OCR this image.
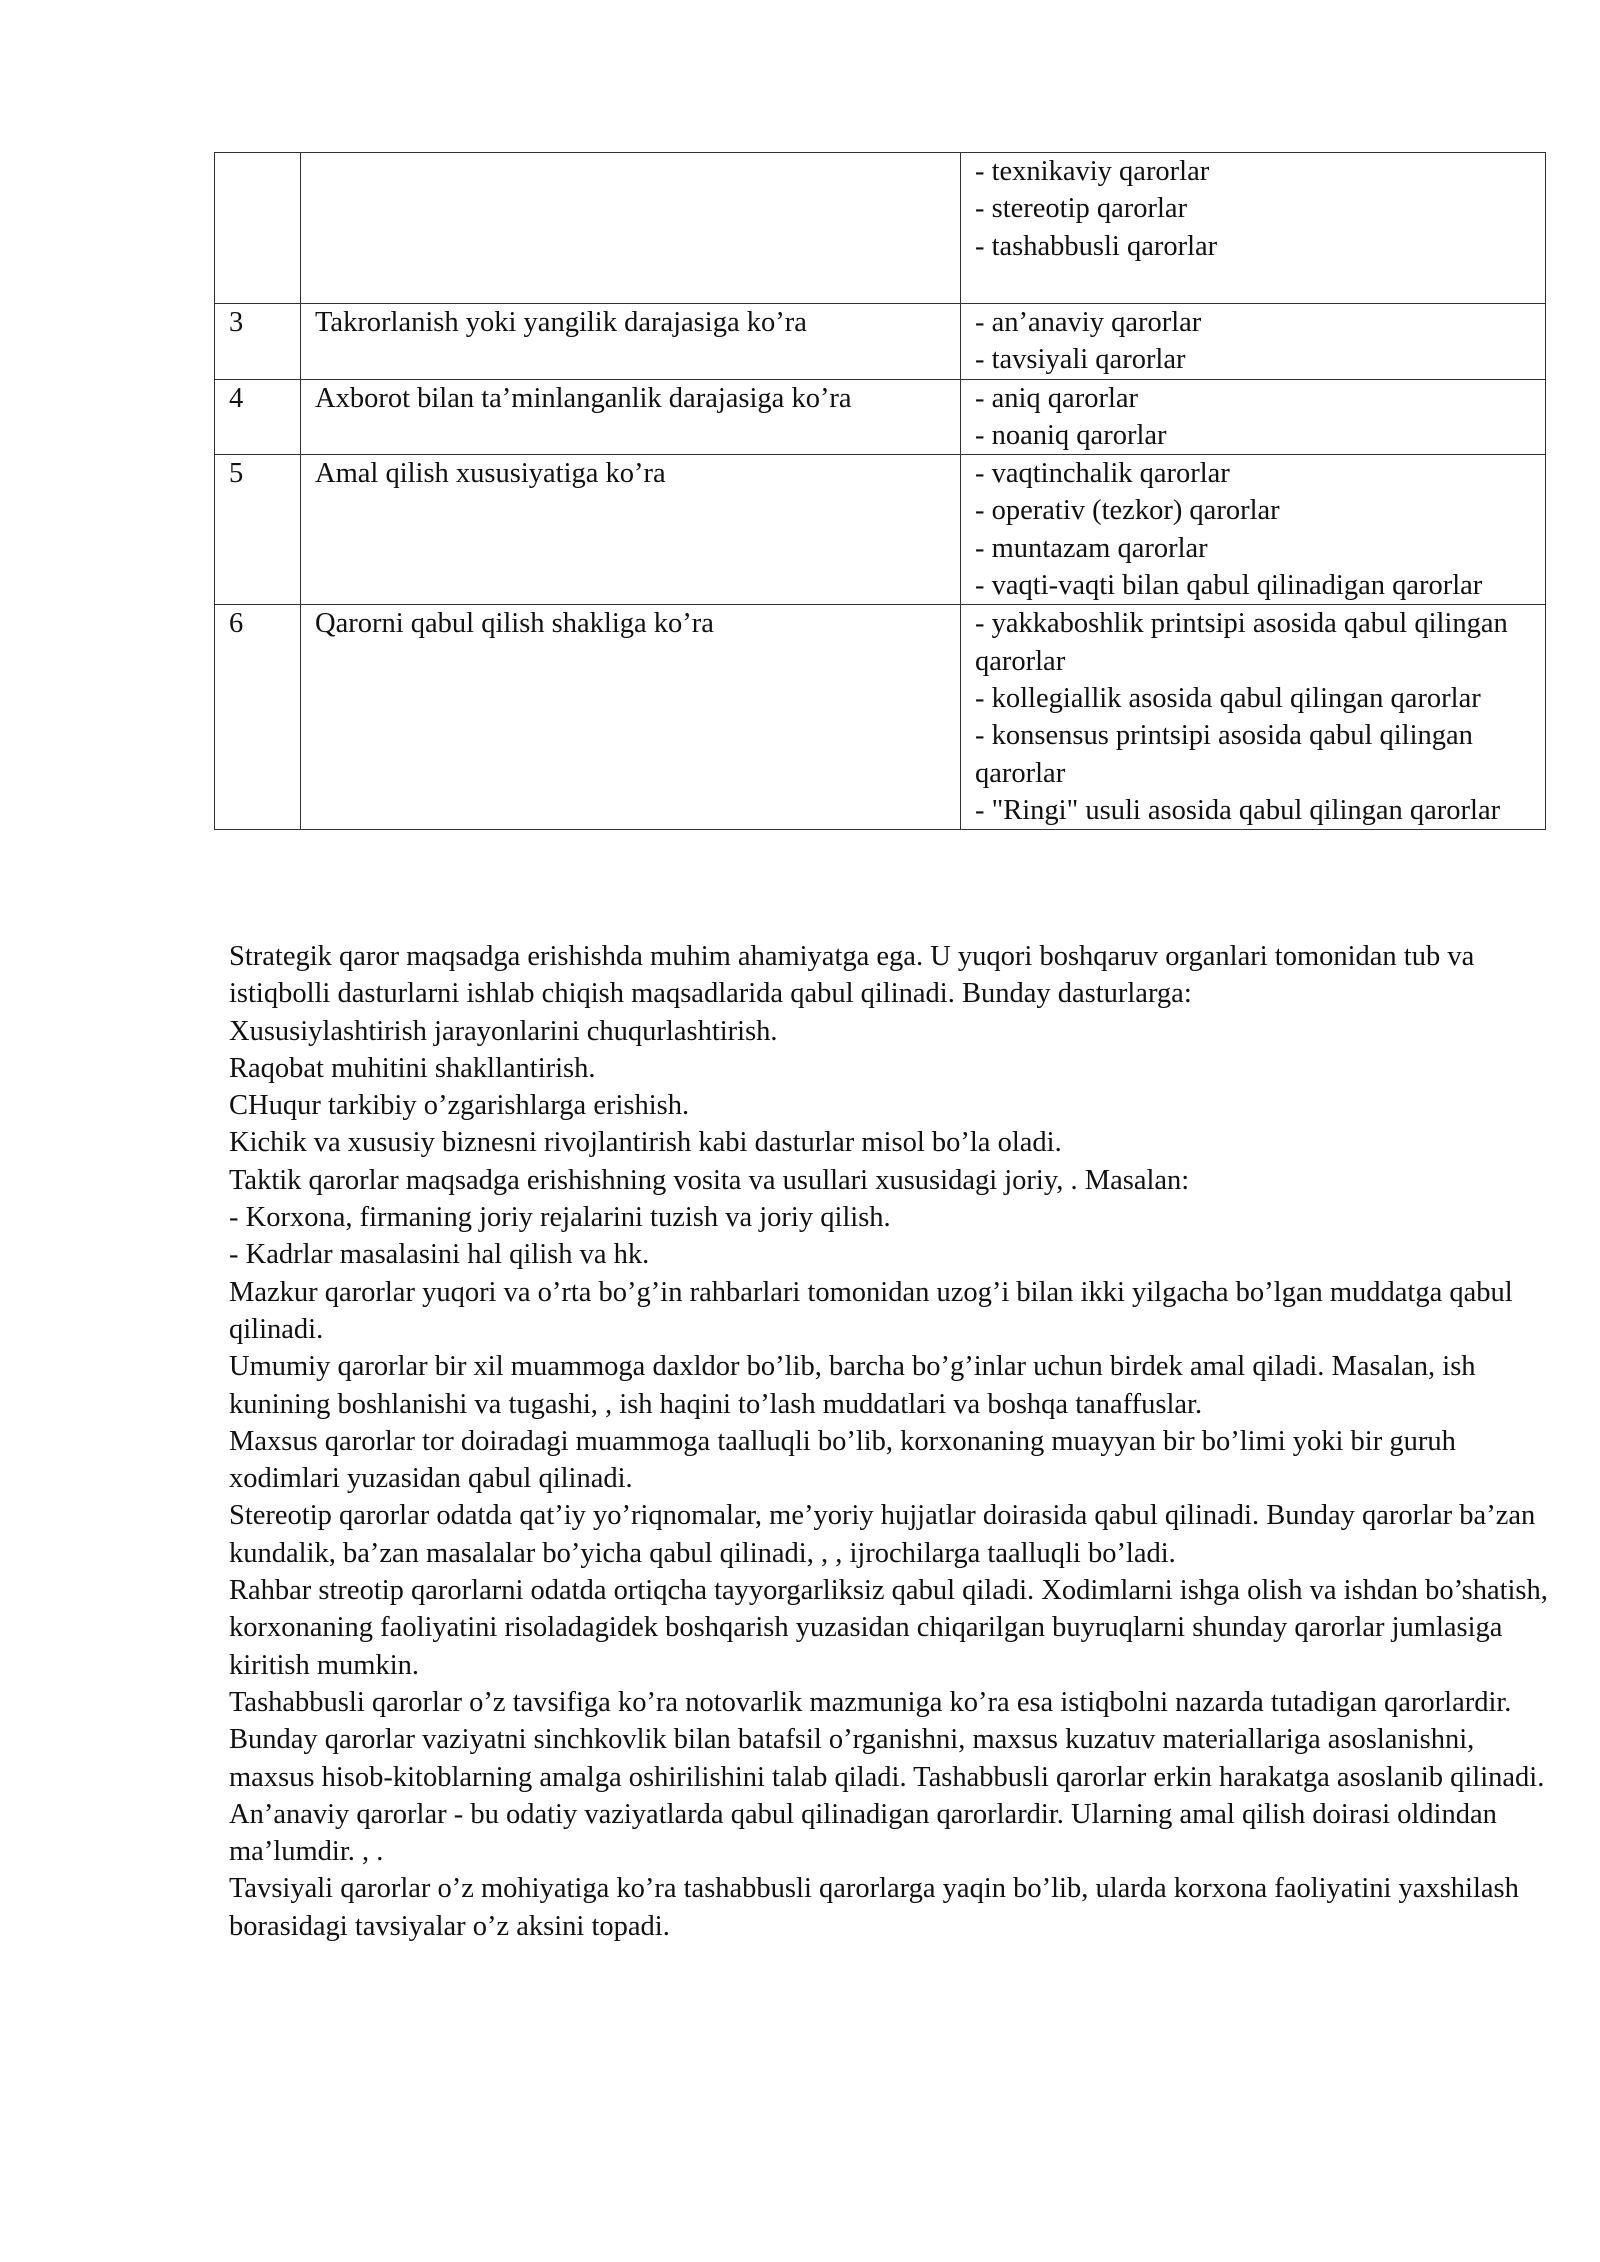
		- texnikaviy qarorlar
- stereotip qarorlar
- tashabbusli qarorlar

3	Takrorlanish yoki yangilik darajasiga ko’ra	- an’anaviy qarorlar
- tavsiyali qarorlar

4	Axborot bilan ta’minlanganlik darajasiga ko’ra	- aniq qarorlar
- noaniq qarorlar

5	Amal qilish xususiyatiga ko’ra	- vaqtinchalik qarorlar
- operativ (tezkor) qarorlar
- muntazam qarorlar
- vaqti-vaqti bilan qabul qilinadigan qarorlar

6	Qarorni qabul qilish shakliga ko’ra	- yakkaboshlik printsipi asosida qabul qilingan qarorlar
- kollegiallik asosida qabul qilingan qarorlar
- konsensus printsipi asosida qabul qilingan qarorlar
- "Ringi" usuli asosida qabul qilingan qarorlar

Strategik qaror maqsadga erishishda muhim ahamiyatga ega. U yuqori boshqaruv organlari tomonidan tub va istiqbolli dasturlarni ishlab chiqish maqsadlarida qabul qilinadi. Bunday dasturlarga:

Xususiylashtirish jarayonlarini chuqurlashtirish.

Raqobat muhitini shakllantirish.

CHuqur tarkibiy o’zgarishlarga erishish.

Kichik va xususiy biznesni rivojlantirish kabi dasturlar misol bo’la oladi.

Taktik qarorlar maqsadga erishishning vosita va usullari xususidagi joriy, . Masalan:

- Korxona, firmaning joriy rejalarini tuzish va joriy qilish.

- Kadrlar masalasini hal qilish va hk.

Mazkur qarorlar yuqori va o’rta bo’g’in rahbarlari tomonidan uzog’i bilan ikki yilgacha bo’lgan muddatga qabul qilinadi.

Umumiy qarorlar bir xil muammoga daxldor bo’lib, barcha bo’g’inlar uchun birdek amal qiladi. Masalan, ish kunining boshlanishi va tugashi, , ish haqini to’lash muddatlari va boshqa tanaffuslar.

Maxsus qarorlar tor doiradagi muammoga taalluqli bo’lib, korxonaning muayyan bir bo’limi yoki bir guruh xodimlari yuzasidan qabul qilinadi.

Stereotip qarorlar odatda qat’iy yo’riqnomalar, me’yoriy hujjatlar doirasida qabul qilinadi. Bunday qarorlar ba’zan kundalik, ba’zan masalalar bo’yicha qabul qilinadi, , , ijrochilarga taalluqli bo’ladi.

Rahbar streotip qarorlarni odatda ortiqcha tayyorgarliksiz qabul qiladi. Xodimlarni ishga olish va ishdan bo’shatish, korxonaning faoliyatini risoladagidek boshqarish yuzasidan chiqarilgan buyruqlarni shunday qarorlar jumlasiga kiritish mumkin.

Tashabbusli qarorlar o’z tavsifiga ko’ra notovarlik mazmuniga ko’ra esa istiqbolni nazarda tutadigan qarorlardir. Bunday qarorlar vaziyatni sinchkovlik bilan batafsil o’rganishni, maxsus kuzatuv materiallariga asoslanishni, maxsus hisob-kitoblarning amalga oshirilishini talab qiladi. Tashabbusli qarorlar erkin harakatga asoslanib qilinadi.

An’anaviy qarorlar - bu odatiy vaziyatlarda qabul qilinadigan qarorlardir. Ularning amal qilish doirasi oldindan ma’lumdir. , .

Tavsiyali qarorlar o’z mohiyatiga ko’ra tashabbusli qarorlarga yaqin bo’lib, ularda korxona faoliyatini yaxshilash borasidagi tavsiyalar o’z aksini topadi.
